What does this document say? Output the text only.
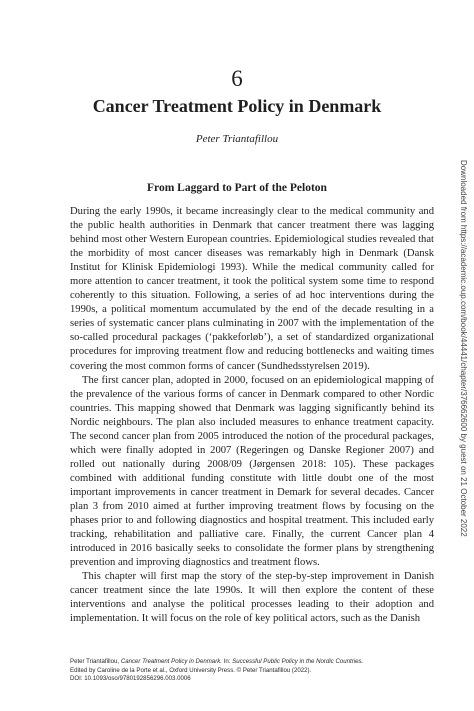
6
Cancer Treatment Policy in Denmark
Peter Triantafillou
From Laggard to Part of the Peloton

During the early 1990s, it became increasingly clear to the medical community and the public health authorities in Denmark that cancer treatment there was lagging behind most other Western European countries. Epidemiological studies revealed that the morbidity of most cancer diseases was remarkably high in Denmark (Dansk Institut for Klinisk Epidemiologi 1993). While the medical community called for more attention to cancer treatment, it took the political system some time to respond coherently to this situation. Following, a series of ad hoc interventions during the 1990s, a political momentum accumulated by the end of the decade resulting in a series of systematic cancer plans culminating in 2007 with the implementation of the so-called procedural packages (‘pakkeforløb’), a set of standardized organizational procedures for improving treatment flow and reducing bottlenecks and waiting times covering the most common forms of cancer (Sundhedsstyrelsen 2019).

The first cancer plan, adopted in 2000, focused on an epidemiological mapping of the prevalence of the various forms of cancer in Denmark compared to other Nordic countries. This mapping showed that Denmark was lagging significantly behind its Nordic neighbours. The plan also included measures to enhance treatment capacity. The second cancer plan from 2005 introduced the notion of the procedural packages, which were finally adopted in 2007 (Regeringen og Danske Regioner 2007) and rolled out nationally during 2008/09 (Jørgensen 2018: 105). These packages combined with additional funding constitute with little doubt one of the most important improvements in cancer treatment in Demark for several decades. Cancer plan 3 from 2010 aimed at further improving treatment flows by focusing on the phases prior to and following diagnostics and hospital treatment. This included early tracking, rehabilitation and palliative care. Finally, the current Cancer plan 4 introduced in 2016 basically seeks to consolidate the former plans by strengthening prevention and improving diagnostics and treatment flows.

This chapter will first map the story of the step-by-step improvement in Danish cancer treatment since the late 1990s. It will then explore the content of these interventions and analyse the political processes leading to their adoption and implementation. It will focus on the role of key political actors, such as the Danish

Peter Triantafillou, Cancer Treatment Policy in Denmark. In: Successful Public Policy in the Nordic Countries.
Edited by Caroline de la Porte et al., Oxford University Press. © Peter Triantafillou (2022).
DOI: 10.1093/oso/9780192856296.003.0006
Downloaded from https://academic.oup.com/book/44441/chapter/376662600 by guest on 21 October 2022
